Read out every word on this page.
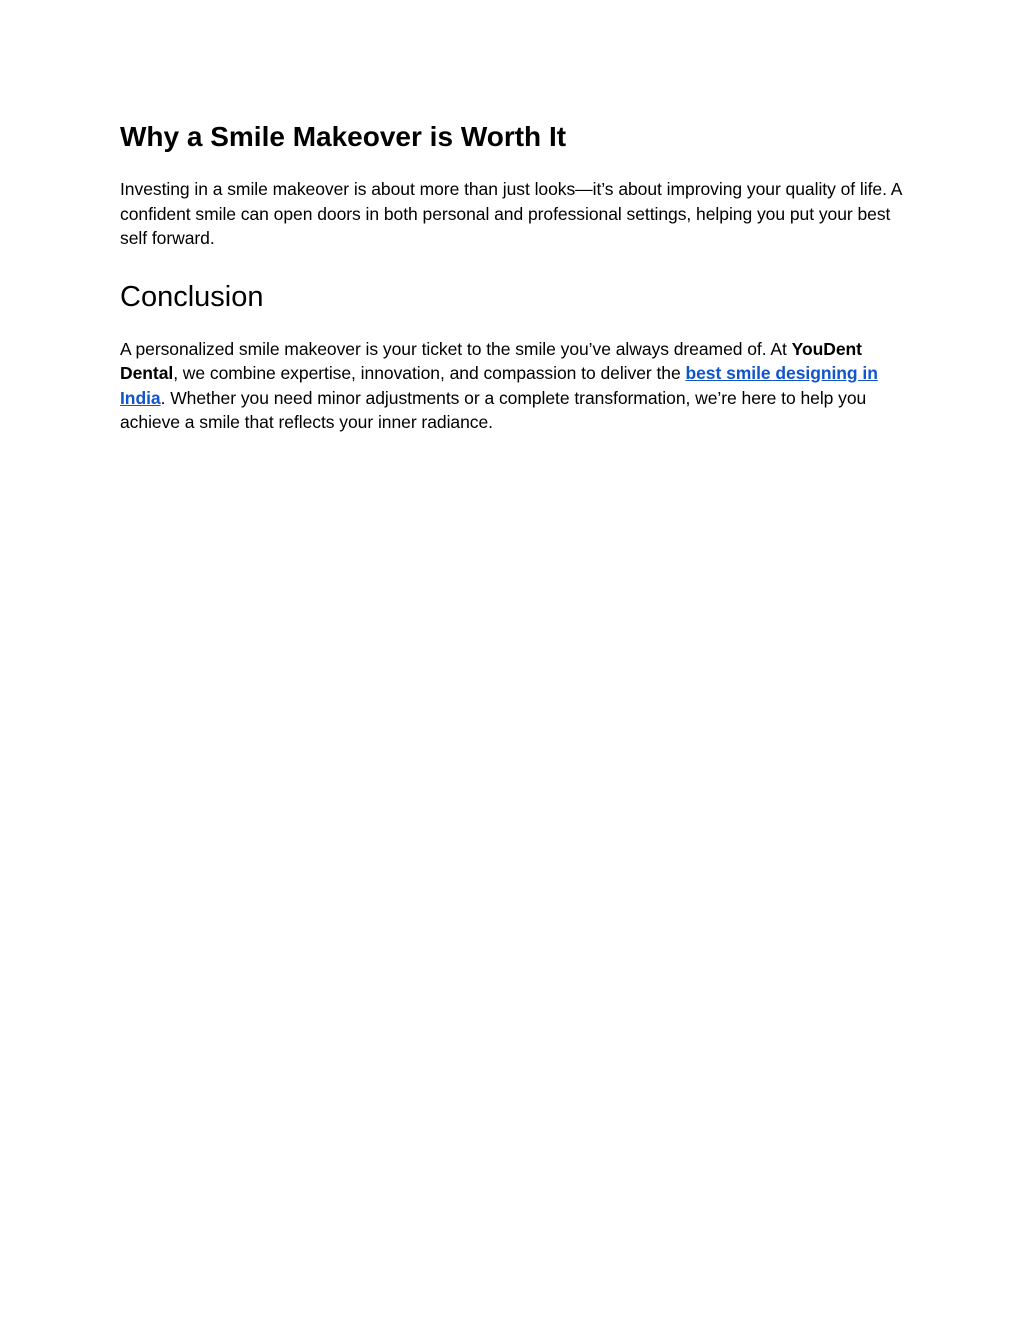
Why a Smile Makeover is Worth It

Investing in a smile makeover is about more than just looks—it’s about improving your quality of life. A confident smile can open doors in both personal and professional settings, helping you put your best self forward.

Conclusion

A personalized smile makeover is your ticket to the smile you’ve always dreamed of. At YouDent Dental, we combine expertise, innovation, and compassion to deliver the best smile designing in India. Whether you need minor adjustments or a complete transformation, we’re here to help you achieve a smile that reflects your inner radiance.
